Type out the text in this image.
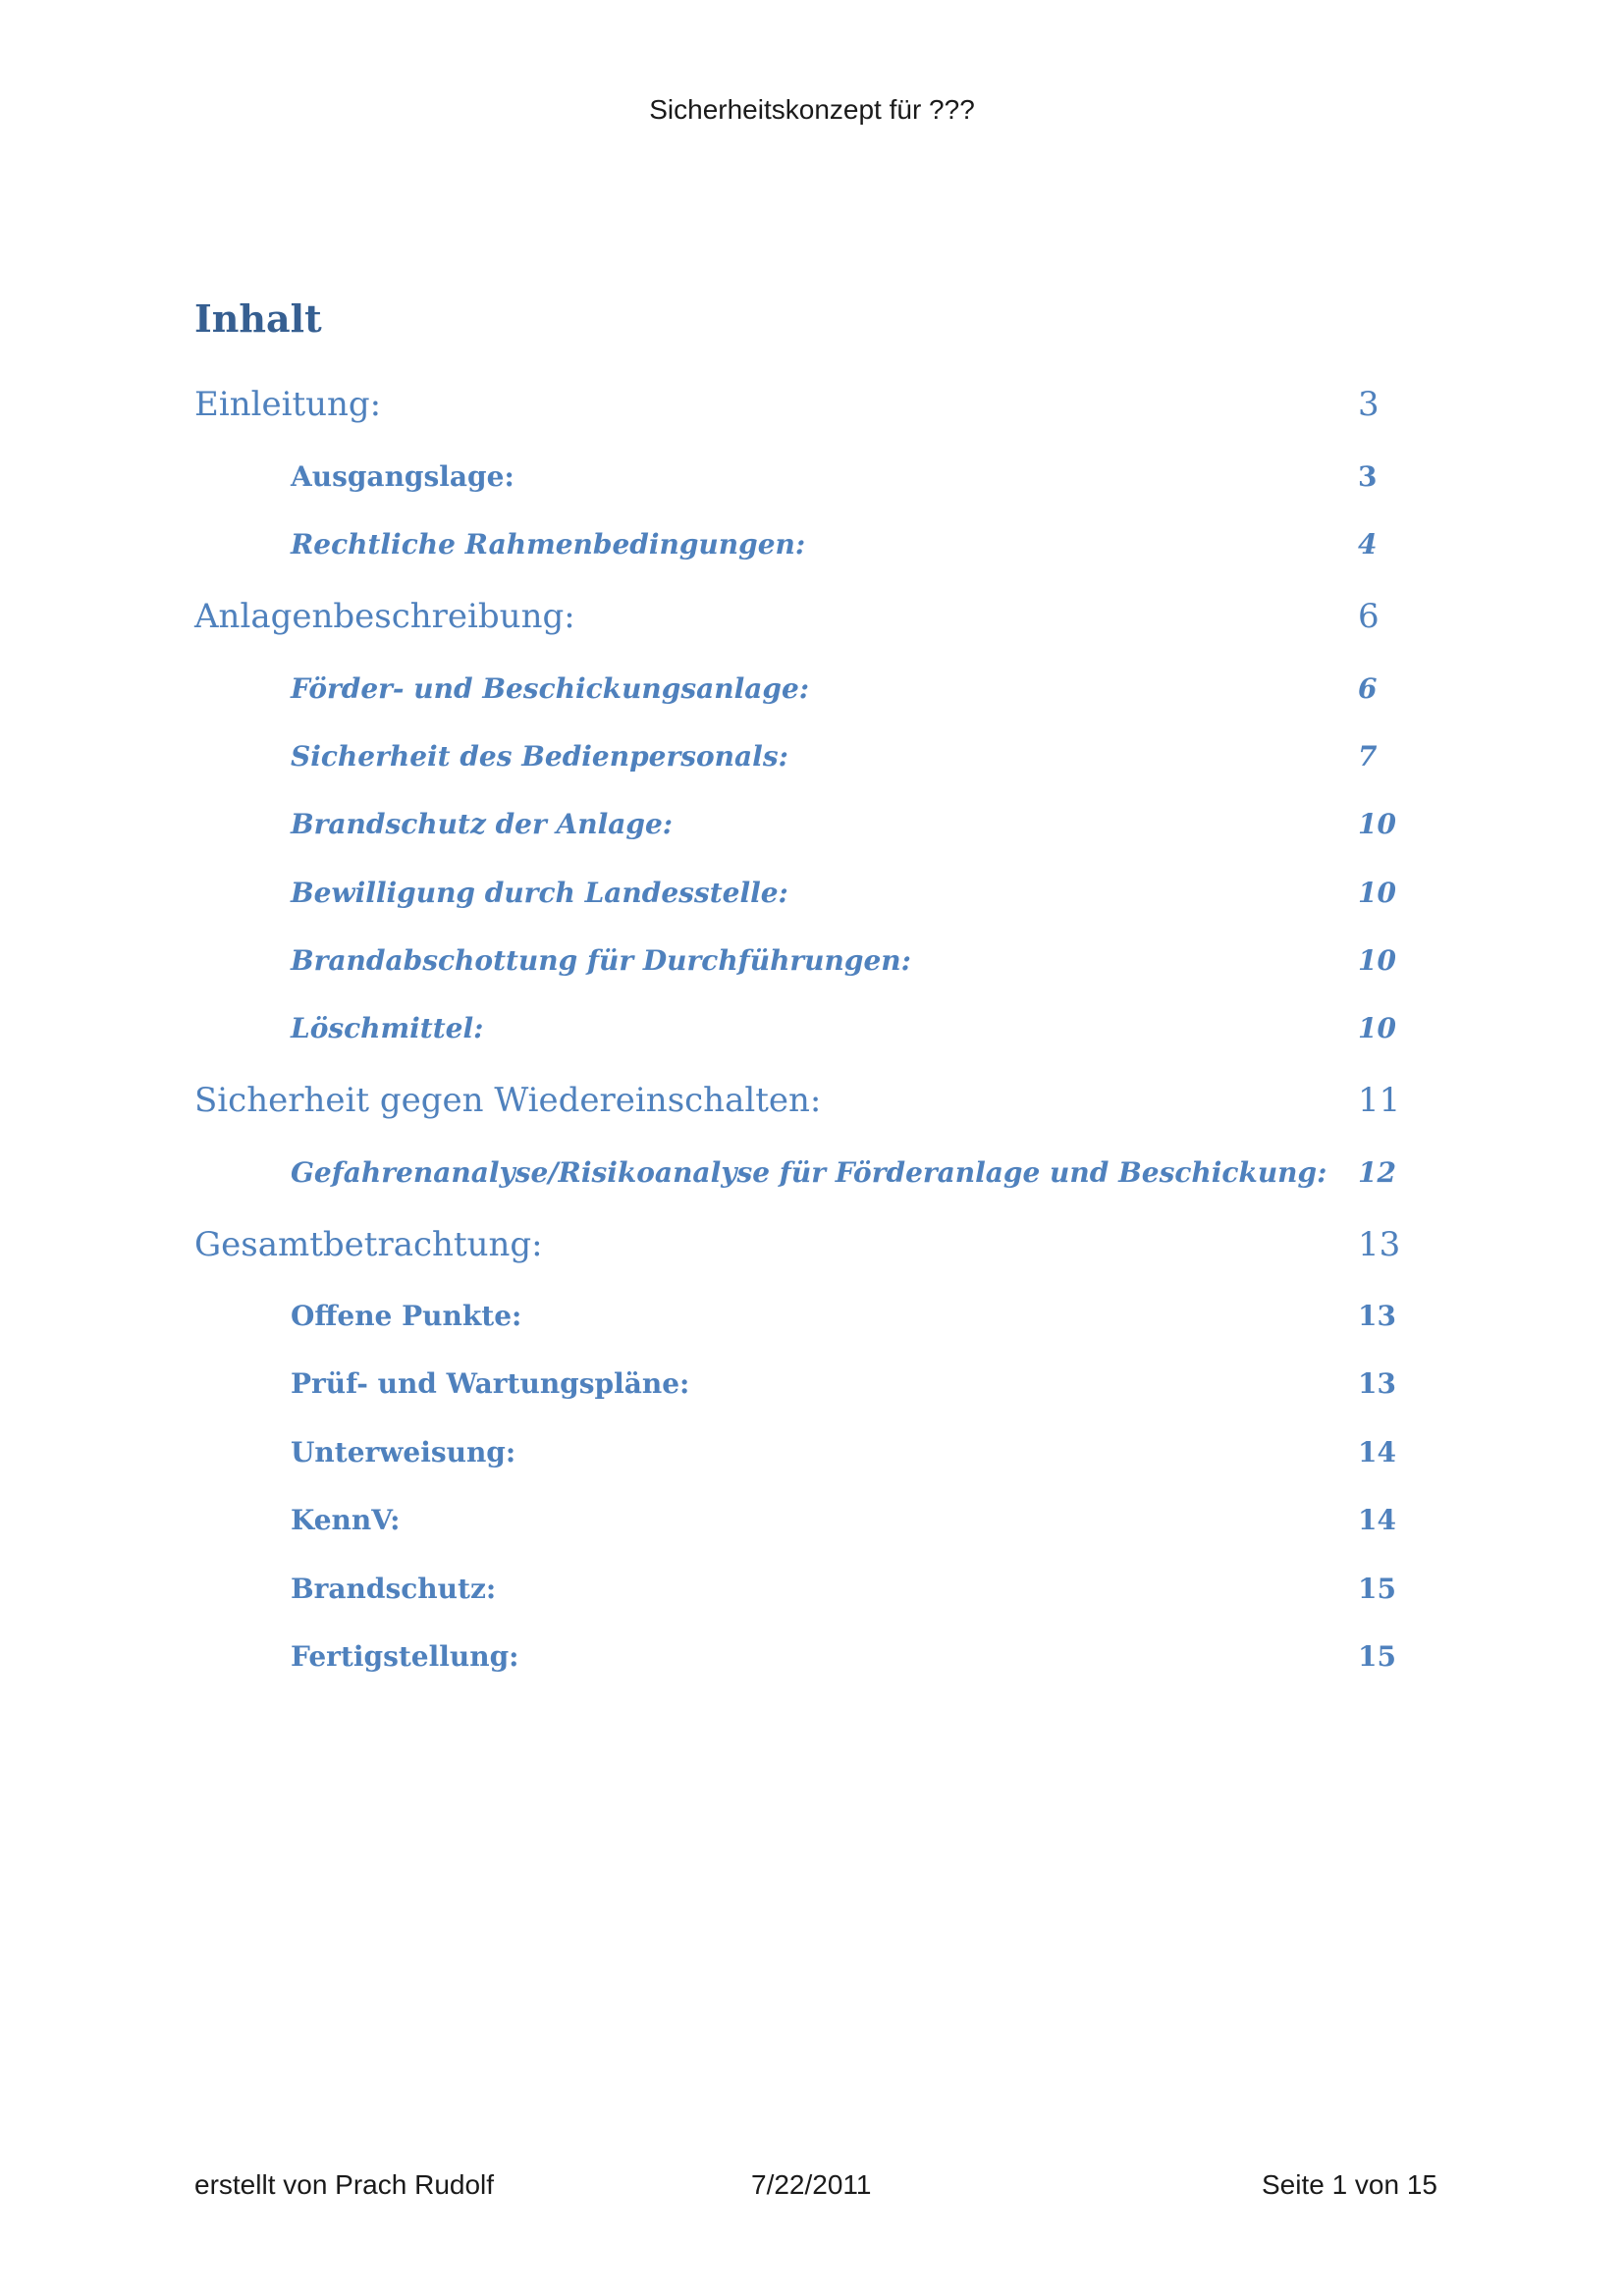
Sicherheitskonzept für ???
Inhalt
Einleitung:	3
Ausgangslage:	3
Rechtliche Rahmenbedingungen:	4
Anlagenbeschreibung:	6
Förder- und Beschickungsanlage:	6
Sicherheit des Bedienpersonals:	7
Brandschutz der Anlage:	10
Bewilligung durch Landesstelle:	10
Brandabschottung für Durchführungen:	10
Löschmittel:	10
Sicherheit gegen Wiedereinschalten:	11
Gefahrenanalyse/Risikoanalyse für Förderanlage und Beschickung: 12
Gesamtbetrachtung:	13
Offene Punkte:	13
Prüf- und Wartungspläne:	13
Unterweisung:	14
KennV:	14
Brandschutz:	15
Fertigstellung:	15
erstellt von Prach Rudolf	7/22/2011	Seite 1 von 15
